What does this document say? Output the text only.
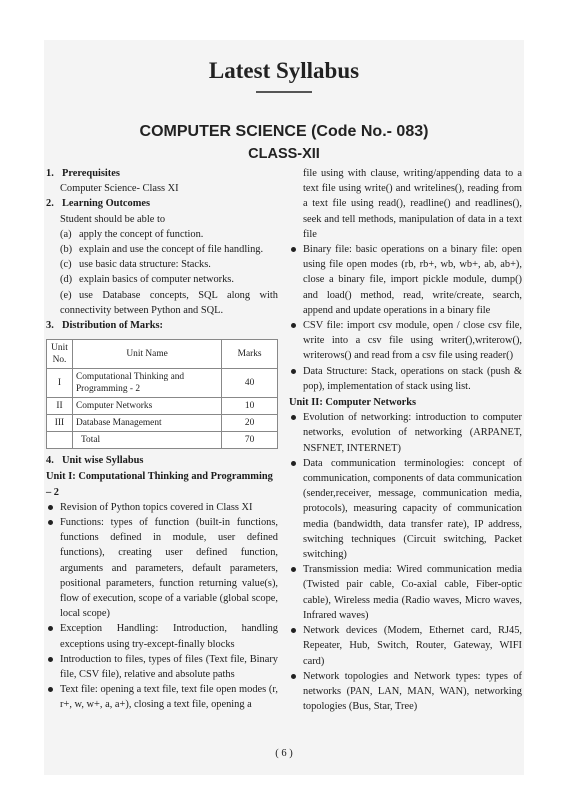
Latest Syllabus
COMPUTER SCIENCE (Code No.- 083)
CLASS-XII
1. Prerequisites
Computer Science- Class XI
2. Learning Outcomes
Student should be able to
(a) apply the concept of function.
(b) explain and use the concept of file handling.
(c) use basic data structure: Stacks.
(d) explain basics of computer networks.
(e) use Database concepts, SQL along with connectivity between Python and SQL.
3. Distribution of Marks:
Unit No.	Unit Name	Marks
I	Computational Thinking and Programming - 2	40
II	Computer Networks	10
III	Database Management	20
	Total	70
4. Unit wise Syllabus
Unit I: Computational Thinking and Programming – 2
Revision of Python topics covered in Class XI
Functions: types of function (built-in functions, functions defined in module, user defined functions), creating user defined function, arguments and parameters, default parameters, positional parameters, function returning value(s), flow of execution, scope of a variable (global scope, local scope)
Exception Handling: Introduction, handling exceptions using try-except-finally blocks
Introduction to files, types of files (Text file, Binary file, CSV file), relative and absolute paths
Text file: opening a text file, text file open modes (r, r+, w, w+, a, a+), closing a text file, opening a
file using with clause, writing/appending data to a text file using write() and writelines(), reading from a text file using read(), readline() and readlines(), seek and tell methods, manipulation of data in a text file
Binary file: basic operations on a binary file: open using file open modes (rb, rb+, wb, wb+, ab, ab+), close a binary file, import pickle module, dump() and load() method, read, write/create, search, append and update operations in a binary file
CSV file: import csv module, open / close csv file, write into a csv file using writer(),writerow(), writerows() and read from a csv file using reader()
Data Structure: Stack, operations on stack (push & pop), implementation of stack using list.
Unit II: Computer Networks
Evolution of networking: introduction to computer networks, evolution of networking (ARPANET, NSFNET, INTERNET)
Data communication terminologies: concept of communication, components of data communication (sender,receiver, message, communication media, protocols), measuring capacity of communication media (bandwidth, data transfer rate), IP address, switching techniques (Circuit switching, Packet switching)
Transmission media: Wired communication media (Twisted pair cable, Co-axial cable, Fiber-optic cable), Wireless media (Radio waves, Micro waves, Infrared waves)
Network devices (Modem, Ethernet card, RJ45, Repeater, Hub, Switch, Router, Gateway, WIFI card)
Network topologies and Network types: types of networks (PAN, LAN, MAN, WAN), networking topologies (Bus, Star, Tree)
( 6 )
